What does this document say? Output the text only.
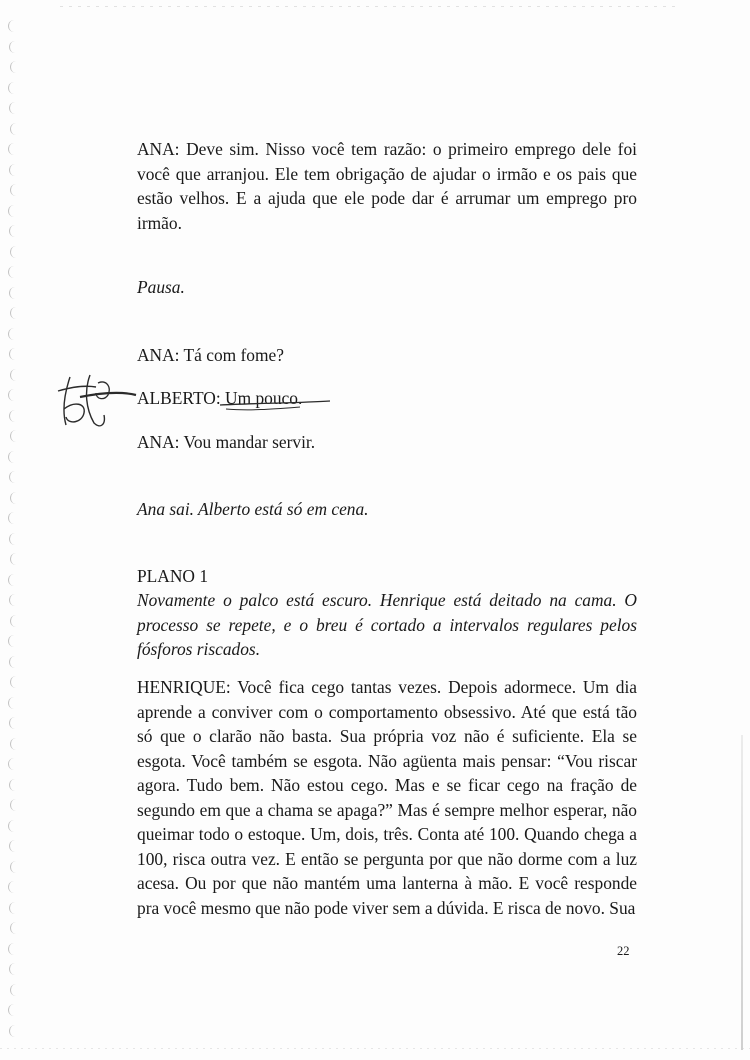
ANA: Deve sim. Nisso você tem razão: o primeiro emprego dele foi você que arranjou. Ele tem obrigação de ajudar o irmão e os pais que estão velhos. E a ajuda que ele pode dar é arrumar um emprego pro irmão.

Pausa.

ANA: Tá com fome?

ALBERTO: Um pouco.

ANA: Vou mandar servir.

Ana sai. Alberto está só em cena.

PLANO 1

Novamente o palco está escuro. Henrique está deitado na cama. O processo se repete, e o breu é cortado a intervalos regulares pelos fósforos riscados.

HENRIQUE: Você fica cego tantas vezes. Depois adormece. Um dia aprende a conviver com o comportamento obsessivo. Até que está tão só que o clarão não basta. Sua própria voz não é suficiente. Ela se esgota. Você também se esgota. Não agüenta mais pensar: “Vou riscar agora. Tudo bem. Não estou cego. Mas e se ficar cego na fração de segundo em que a chama se apaga?” Mas é sempre melhor esperar, não queimar todo o estoque. Um, dois, três. Conta até 100. Quando chega a 100, risca outra vez. E então se pergunta por que não dorme com a luz acesa. Ou por que não mantém uma lanterna à mão. E você responde pra você mesmo que não pode viver sem a dúvida. E risca de novo. Sua

22
